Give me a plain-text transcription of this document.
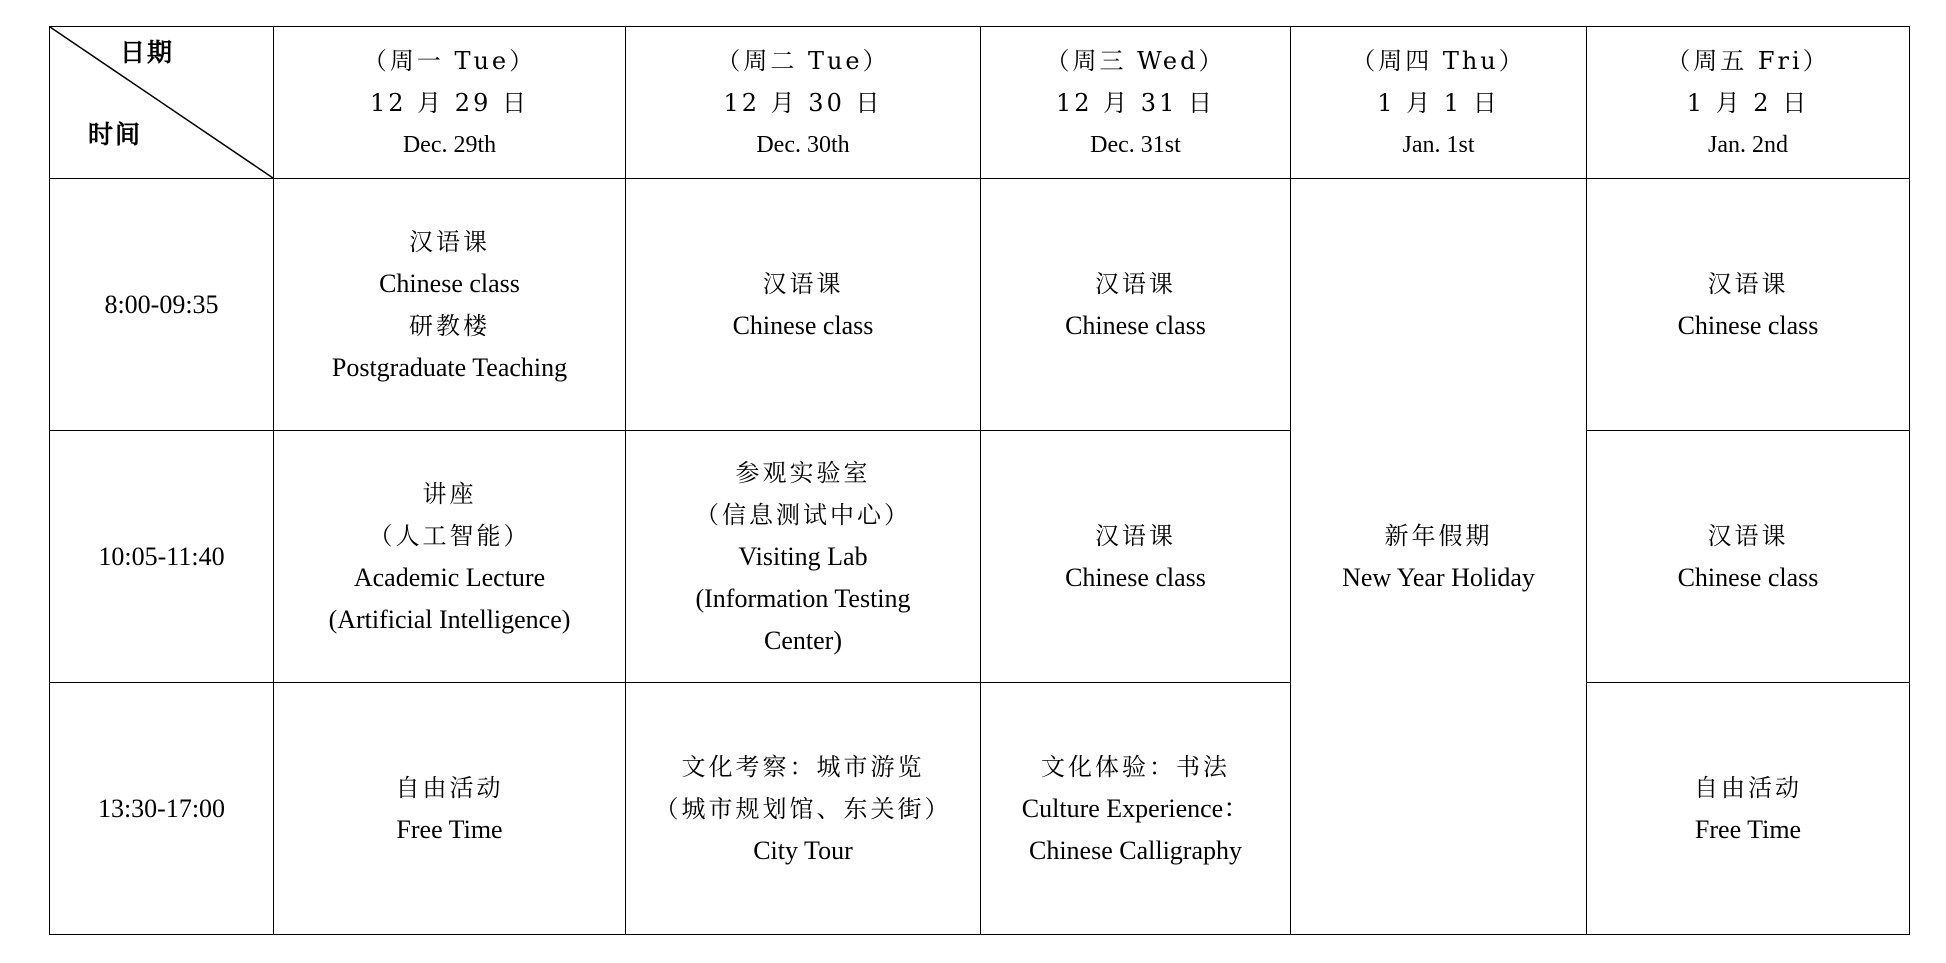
日期
时间	（周一 Tue）
12 月 29 日
Dec. 29th	（周二 Tue）
12 月 30 日
Dec. 30th	（周三 Wed）
12 月 31 日
Dec. 31st	（周四 Thu）
1 月 1 日
Jan. 1st	（周五 Fri）
1 月 2 日
Jan. 2nd

8:00-09:35	汉语课
Chinese class
研教楼
Postgraduate Teaching	汉语课
Chinese class	汉语课
Chinese class	新年假期
New Year Holiday	汉语课
Chinese class

10:05-11:40	讲座
（人工智能）
Academic Lecture
(Artificial Intelligence)	参观实验室
（信息测试中心）
Visiting Lab
(Information Testing
Center)	汉语课
Chinese class		汉语课
Chinese class

13:30-17:00	自由活动
Free Time	文化考察：城市游览
（城市规划馆、东关街）
City Tour	文化体验：书法
Culture Experience：
Chinese Calligraphy		自由活动
Free Time
